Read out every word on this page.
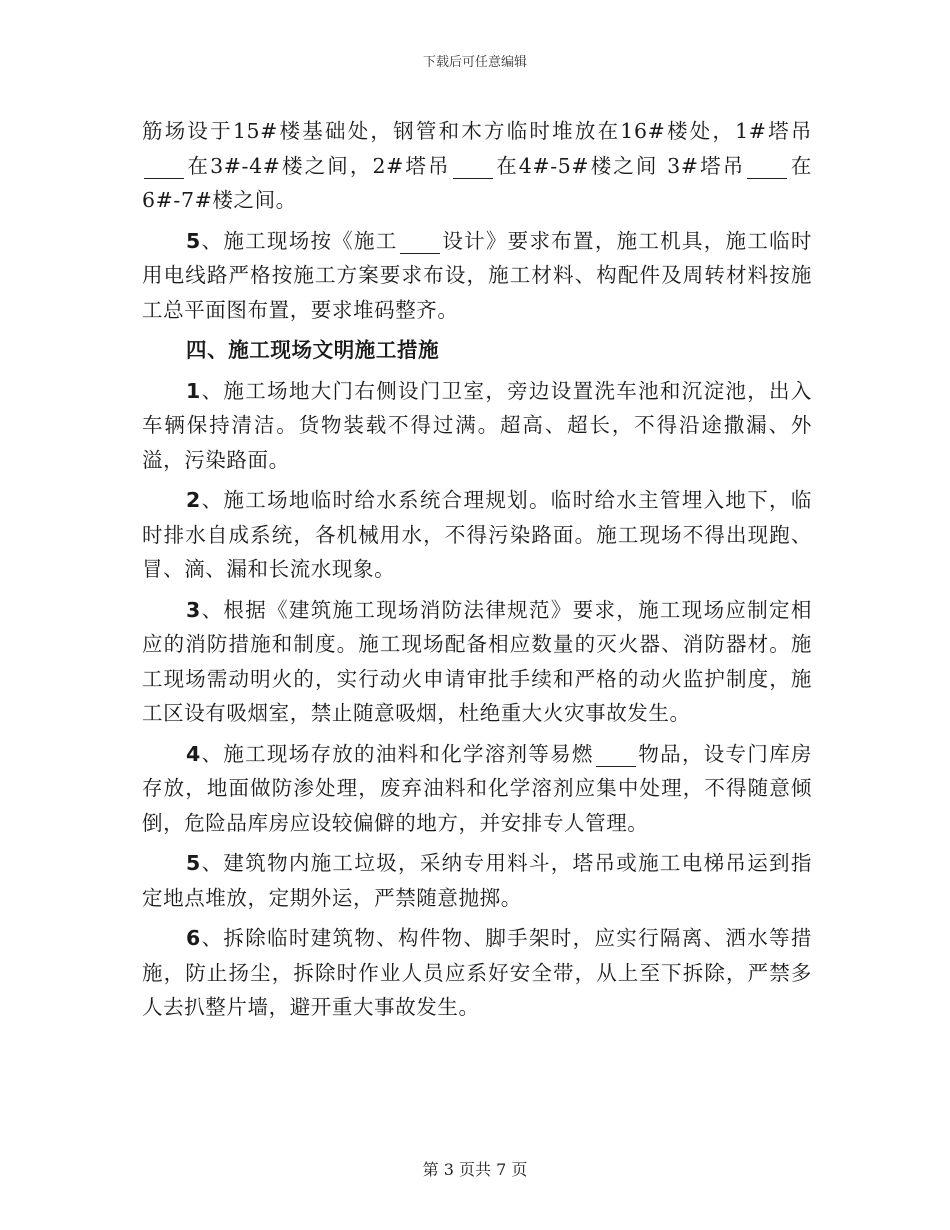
下载后可任意编辑

筋场设于15#楼基础处，钢管和木方临时堆放在16#楼处，1#塔吊在3#-4#楼之间，2#塔吊 在4#-5#楼之间 3#塔吊 在6#-7#楼之间。

5、施工现场按《施工 设计》要求布置，施工机具，施工临时用电线路严格按施工方案要求布设，施工材料、构配件及周转材料按施工总平面图布置，要求堆码整齐。

四、施工现场文明施工措施

1、施工场地大门右侧设门卫室，旁边设置洗车池和沉淀池，出入车辆保持清洁。货物装载不得过满。超高、超长，不得沿途撒漏、外溢，污染路面。

2、施工场地临时给水系统合理规划。临时给水主管埋入地下，临时排水自成系统，各机械用水，不得污染路面。施工现场不得出现跑、冒、滴、漏和长流水现象。

3、根据《建筑施工现场消防法律规范》要求，施工现场应制定相应的消防措施和制度。施工现场配备相应数量的灭火器、消防器材。施工现场需动明火的，实行动火申请审批手续和严格的动火监护制度，施工区设有吸烟室，禁止随意吸烟，杜绝重大火灾事故发生。

4、施工现场存放的油料和化学溶剂等易燃 物品，设专门库房存放，地面做防渗处理，废弃油料和化学溶剂应集中处理，不得随意倾倒，危险品库房应设较偏僻的地方，并安排专人管理。

5、建筑物内施工垃圾，采纳专用料斗，塔吊或施工电梯吊运到指定地点堆放，定期外运，严禁随意抛掷。

6、拆除临时建筑物、构件物、脚手架时，应实行隔离、洒水等措施，防止扬尘，拆除时作业人员应系好安全带，从上至下拆除，严禁多人去扒整片墙，避开重大事故发生。

第 3 页共 7 页
